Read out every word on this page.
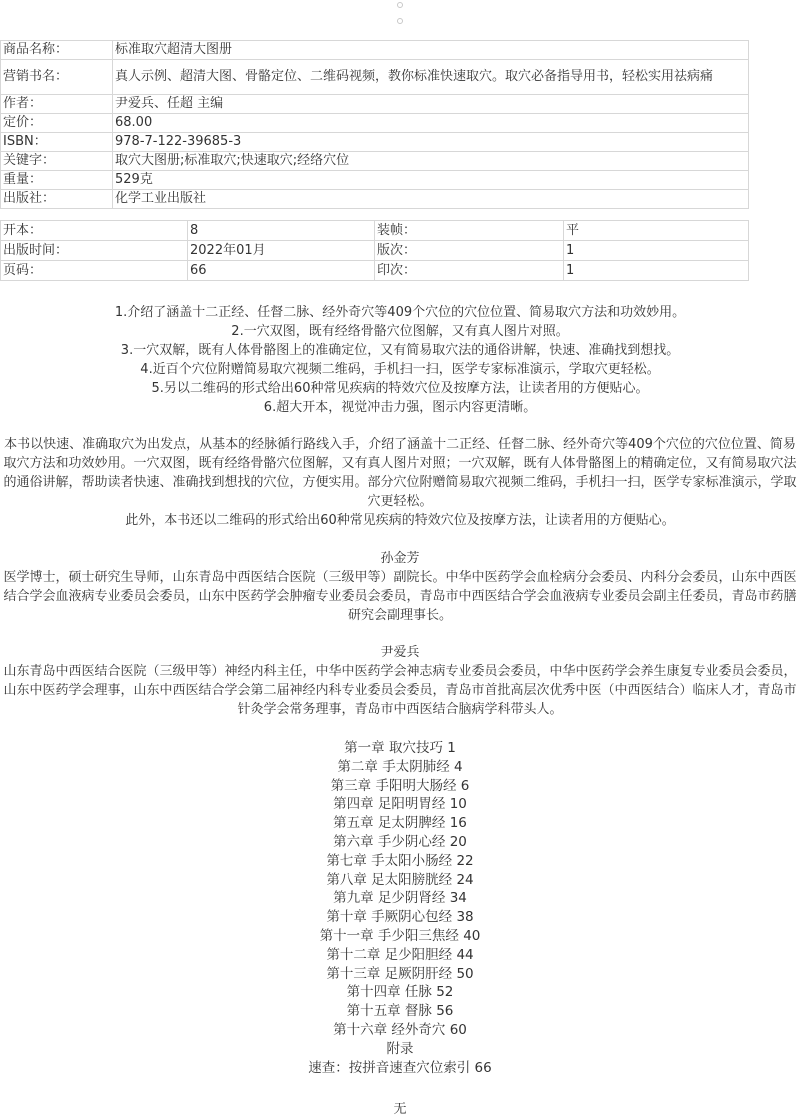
商品名称：	标准取穴超清大图册
营销书名：	真人示例、超清大图、骨骼定位、二维码视频，教你标准快速取穴。取穴必备指导用书，轻松实用祛病痛
作者：	尹爱兵、任超 主编
定价：	68.00
ISBN：	978-7-122-39685-3
关键字：	取穴大图册;标准取穴;快速取穴;经络穴位
重量：	529克
出版社：	化学工业出版社
开本：	8	装帧：	平
出版时间：	2022年01月	版次：	1
页码：	66	印次：	1
1.介绍了涵盖十二正经、任督二脉、经外奇穴等409个穴位的穴位位置、简易取穴方法和功效妙用。
2.一穴双图，既有经络骨骼穴位图解，又有真人图片对照。
3.一穴双解，既有人体骨骼图上的准确定位，又有简易取穴法的通俗讲解，快速、准确找到想找。
4.近百个穴位附赠简易取穴视频二维码，手机扫一扫，医学专家标准演示，学取穴更轻松。
5.另以二维码的形式给出60种常见疾病的特效穴位及按摩方法，让读者用的方便贴心。
6.超大开本，视觉冲击力强，图示内容更清晰。
本书以快速、准确取穴为出发点，从基本的经脉循行路线入手，介绍了涵盖十二正经、任督二脉、经外奇穴等409个穴位的穴位位置、简易取穴方法和功效妙用。一穴双图，既有经络骨骼穴位图解，又有真人图片对照；一穴双解，既有人体骨骼图上的精确定位，又有简易取穴法的通俗讲解，帮助读者快速、准确找到想找的穴位，方便实用。部分穴位附赠简易取穴视频二维码，手机扫一扫，医学专家标准演示，学取穴更轻松。
此外，本书还以二维码的形式给出60种常见疾病的特效穴位及按摩方法，让读者用的方便贴心。
孙金芳
医学博士，硕士研究生导师，山东青岛中西医结合医院（三级甲等）副院长。中华中医药学会血栓病分会委员、内科分会委员，山东中西医结合学会血液病专业委员会委员，山东中医药学会肿瘤专业委员会委员，青岛市中西医结合学会血液病专业委员会副主任委员，青岛市药膳研究会副理事长。
尹爱兵
山东青岛中西医结合医院（三级甲等）神经内科主任，中华中医药学会神志病专业委员会委员，中华中医药学会养生康复专业委员会委员，山东中医药学会理事，山东中西医结合学会第二届神经内科专业委员会委员，青岛市首批高层次优秀中医（中西医结合）临床人才，青岛市针灸学会常务理事，青岛市中西医结合脑病学科带头人。
第一章 取穴技巧 1
第二章 手太阴肺经 4
第三章 手阳明大肠经 6
第四章 足阳明胃经 10
第五章 足太阴脾经 16
第六章 手少阴心经 20
第七章 手太阳小肠经 22
第八章 足太阳膀胱经 24
第九章 足少阴肾经 34
第十章 手厥阴心包经 38
第十一章 手少阳三焦经 40
第十二章 足少阳胆经 44
第十三章 足厥阴肝经 50
第十四章 任脉 52
第十五章 督脉 56
第十六章 经外奇穴 60
附录
速查：按拼音速查穴位索引 66
无
